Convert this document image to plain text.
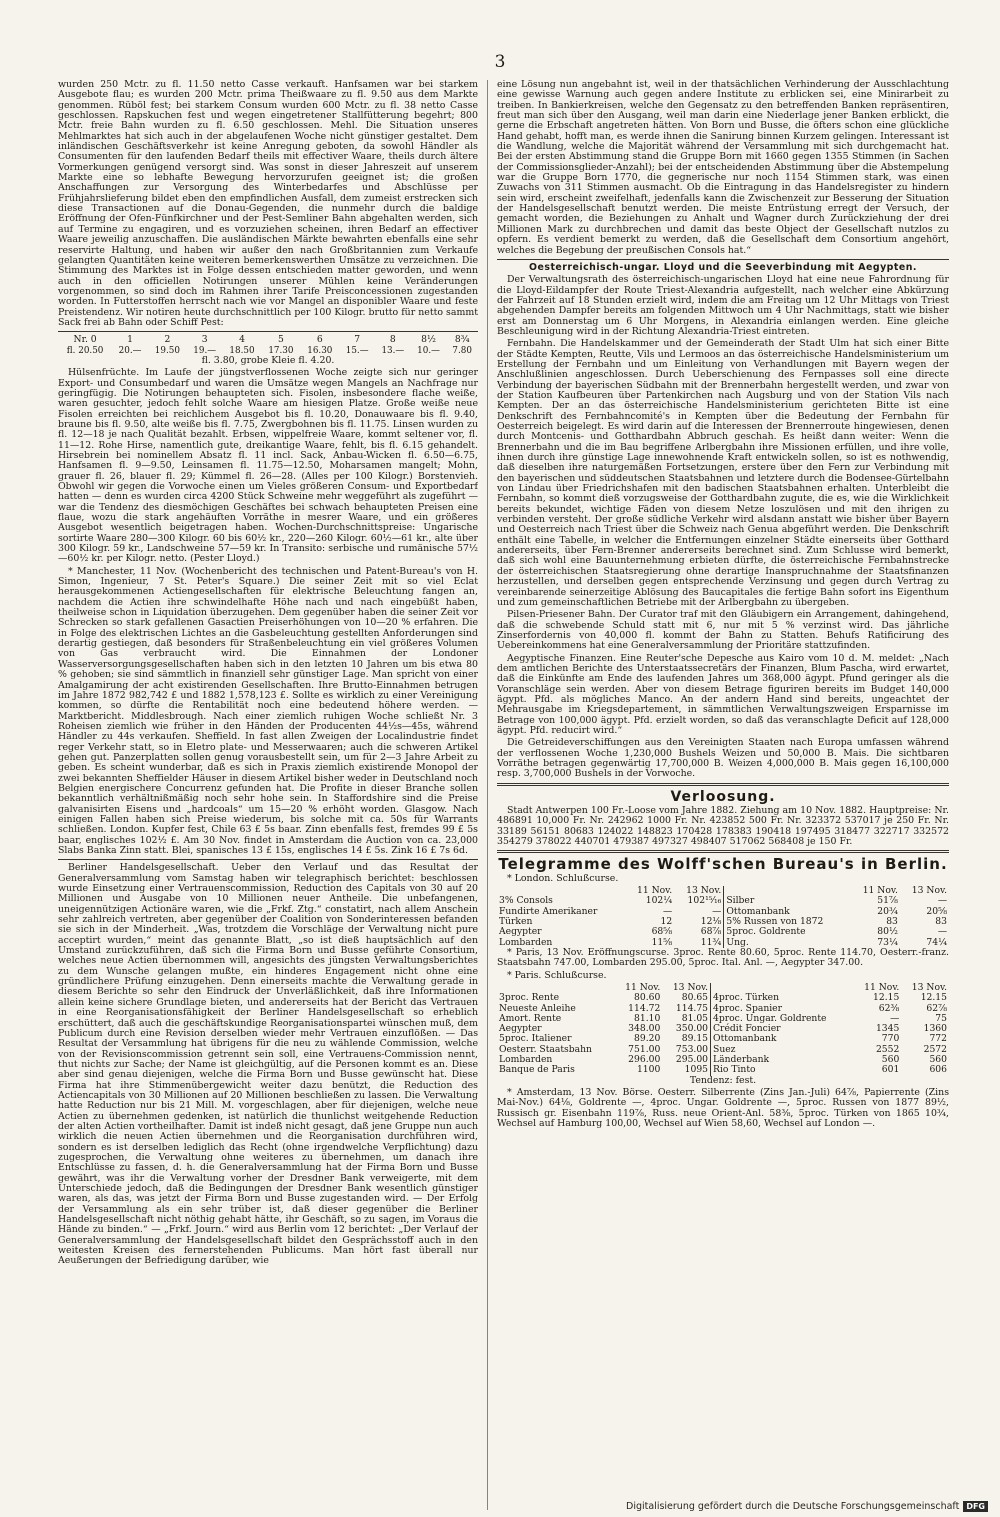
3

wurden 250 Mctr. zu fl. 11.50 netto Casse verkauft. Hanfsamen war bei starkem Ausgebote flau; es wurden 200 Mctr. prima Theißwaare zu fl. 9.50 aus dem Markte genommen. Rüböl fest; bei starkem Consum wurden 600 Mctr. zu fl. 38 netto Casse geschlossen. Rapskuchen fest und wegen eingetretener Stallfütterung begehrt; 800 Mctr. freie Bahn wurden zu fl. 6.50 geschlossen. Mehl. Die Situation unseres Mehlmarktes hat sich auch in der abgelaufenen Woche nicht günstiger gestaltet. Dem inländischen Geschäftsverkehr ist keine Anregung geboten, da sowohl Händler als Consumenten für den laufenden Bedarf theils mit effectiver Waare, theils durch ältere Vormerkungen genügend versorgt sind. Was sonst in dieser Jahreszeit auf unserem Markte eine so lebhafte Bewegung hervorzurufen geeignet ist; die großen Anschaffungen zur Versorgung des Winterbedarfes und Abschlüsse per Frühjahrslieferung bildet eben den empfindlichen Ausfall, dem zumeist erstrecken sich diese Transactionen auf die Donau-Gegenden, die nunmehr durch die baldige Eröffnung der Ofen-Fünfkirchner und der Pest-Semliner Bahn abgehalten werden, sich auf Termine zu engagiren, und es vorzuziehen scheinen, ihren Bedarf an effectiver Waare jeweilig anzuschaffen. Die ausländischen Märkte bewahrten ebenfalls eine sehr reservirte Haltung, und haben wir außer den nach Großbritannien zum Verkaufe gelangten Quantitäten keine weiteren bemerkenswerthen Umsätze zu verzeichnen. Die Stimmung des Marktes ist in Folge dessen entschieden matter geworden, und wenn auch in den officiellen Notirungen unserer Mühlen keine Veränderungen vorgenommen, so sind doch im Rahmen ihrer Tarife Preisconcessionen zugestanden worden. In Futterstoffen herrscht nach wie vor Mangel an disponibler Waare und feste Preistendenz. Wir notiren heute durchschnittlich per 100 Kilogr. brutto für netto sammt Sack frei ab Bahn oder Schiff Pest:

Nr. 0	1	2	3	4	5	6	7	8	8½	8¾
fl. 20.50	20.—	19.50	19.—	18.50	17.30	16.30	15.—	13.—	10.—	7.80

fl. 3.80, grobe Kleie fl. 4.20.

Hülsenfrüchte. Im Laufe der jüngstverflossenen Woche zeigte sich nur geringer Export- und Consumbedarf und waren die Umsätze wegen Mangels an Nachfrage nur geringfügig. Die Notirungen behaupteten sich. Fisolen, insbesondere flache weiße, waren gesuchter, jedoch fehlt solche Waare am hiesigen Platze. Große weiße neue Fisolen erreichten bei reichlichem Ausgebot bis fl. 10.20, Donauwaare bis fl. 9.40, braune bis fl. 9.50, alte weiße bis fl. 7.75, Zwergbohnen bis fl. 11.75. Linsen wurden zu fl. 12—18 je nach Qualität bezahlt. Erbsen, wippelfreie Waare, kommt seltener vor, fl. 11—12. Rohe Hirse, namentlich gute, dreikantige Waare, fehlt, bis fl. 6.15 gehandelt. Hirsebrein bei nominellem Absatz fl. 11 incl. Sack, Anbau-Wicken fl. 6.50—6.75, Hanfsamen fl. 9—9.50, Leinsamen fl. 11.75—12.50, Moharsamen mangelt; Mohn, grauer fl. 26, blauer fl. 29; Kümmel fl. 26—28. (Alles per 100 Kilogr.) Borstenvieh. Obwohl wir gegen die Vorwoche einen um Vieles größeren Consum- und Exportbedarf hatten — denn es wurden circa 4200 Stück Schweine mehr weggeführt als zugeführt — war die Tendenz des diesmöchigen Geschäftes bei schwach behaupteten Preisen eine flaue, wozu die stark angehäuften Vorräthe in mesrer Waare, und ein größeres Ausgebot wesentlich beigetragen haben. Wochen-Durchschnittspreise: Ungarische sortirte Waare 280—300 Kilogr. 60 bis 60½ kr., 220—260 Kilogr. 60½—61 kr., alte über 300 Kilogr. 59 kr., Landschweine 57—59 kr. In Transito: serbische und rumänische 57½—60½ kr. per Kilogr. netto. (Pester Lloyd.)

* Manchester, 11 Nov. (Wochenbericht des technischen und Patent-Bureau's von H. Simon, Ingenieur, 7 St. Peter's Square.) Die seiner Zeit mit so viel Eclat herausgekommenen Actiengesellschaften für elektrische Beleuchtung fangen an, nachdem die Actien ihre schwindelhafte Höhe nach und nach eingebüßt haben, theilweise schon in Liquidation überzugehen. Dem gegenüber haben die seiner Zeit vor Schrecken so stark gefallenen Gasactien Preiserhöhungen von 10—20 % erfahren. Die in Folge des elektrischen Lichtes an die Gasbeleuchtung gestellten Anforderungen sind derartig gestiegen, daß besonders für Straßenbeleuchtung ein viel größeres Volumen von Gas verbraucht wird. Die Einnahmen der Londoner Wasserversorgungsgesellschaften haben sich in den letzten 10 Jahren um bis etwa 80 % gehoben; sie sind sämmtlich in finanziell sehr günstiger Lage. Man spricht von einer Amalgamirung der acht existirenden Gesellschaften. Ihre Brutto-Einnahmen betrugen im Jahre 1872 982,742 £ und 1882 1,578,123 £. Sollte es wirklich zu einer Vereinigung kommen, so dürfte die Rentabilität noch eine bedeutend höhere werden. — Marktbericht. Middlesbrough. Nach einer ziemlich ruhigen Woche schließt Nr. 3 Roheisen ziemlich wie früher in den Händen der Producenten 44½s—45s, während Händler zu 44s verkaufen. Sheffield. In fast allen Zweigen der Localindustrie findet reger Verkehr statt, so in Eletro plate- und Messerwaaren; auch die schweren Artikel gehen gut. Panzerplatten sollen genug vorausbestellt sein, um für 2—3 Jahre Arbeit zu geben. Es scheint wunderbar, daß es sich in Praxis ziemlich existirende Monopol der zwei bekannten Sheffielder Häuser in diesem Artikel bisher weder in Deutschland noch Belgien energischere Concurrenz gefunden hat. Die Profite in dieser Branche sollen bekanntlich verhältnißmäßig noch sehr hohe sein. In Staffordshire sind die Preise galvanisirten Eisens und „hardcoals“ um 15—20 % erhöht worden. Glasgow. Nach einigen Fallen haben sich Preise wiederum, bis solche mit ca. 50s für Warrants schließen. London. Kupfer fest, Chile 63 £ 5s baar. Zinn ebenfalls fest, fremdes 99 £ 5s baar, englisches 102½ £. Am 30 Nov. findet in Amsterdam die Auction von ca. 23,000 Slabs Banka Zinn statt. Blei, spanisches 13 £ 15s, englisches 14 £ 5s. Zink 16 £ 7s 6d.

Berliner Handelsgesellschaft. Ueber den Verlauf und das Resultat der Generalversammlung vom Samstag haben wir telegraphisch berichtet: beschlossen wurde Einsetzung einer Vertrauenscommission, Reduction des Capitals von 30 auf 20 Millionen und Ausgabe von 10 Millionen neuer Antheile. Die unbefangenen, uneigennützigen Actionäre waren, wie die „Frkf. Ztg.“ constatirt, nach allem Anschein sehr zahlreich vertreten, aber gegenüber der Coalition von Sonderinteressen befanden sie sich in der Minderheit. „Was, trotzdem die Vorschläge der Verwaltung nicht pure acceptirt wurden,“ meint das genannte Blatt, „so ist dieß hauptsächlich auf den Umstand zurückzuführen, daß sich die Firma Born und Busse geführte Consortium, welches neue Actien übernommen will, angesichts des jüngsten Verwaltungsberichtes zu dem Wunsche gelangen mußte, ein hinderes Engagement nicht ohne eine gründlichere Prüfung einzugehen. Denn einerseits machte die Verwaltung gerade in diesem Berichte so sehr den Eindruck der Unverläßlichkeit, daß ihre Informationen allein keine sichere Grundlage bieten, und andererseits hat der Bericht das Vertrauen in eine Reorganisationsfähigkeit der Berliner Handelsgesellschaft so erheblich erschüttert, daß auch die geschäftskundige Reorganisationspartei wünschen muß, dem Publicum durch eine Revision derselben wieder mehr Vertrauen einzuflößen. — Das Resultat der Versammlung hat übrigens für die neu zu wählende Commission, welche von der Revisionscommission getrennt sein soll, eine Vertrauens-Commission nennt, thut nichts zur Sache; der Name ist gleichgültig, auf die Personen kommt es an. Diese aber sind genau diejenigen, welche die Firma Born und Busse gewünscht hat. Diese Firma hat ihre Stimmenübergewicht weiter dazu benützt, die Reduction des Actiencapitals von 30 Millionen auf 20 Millionen beschließen zu lassen. Die Verwaltung hatte Reduction nur bis 21 Mill. M. vorgeschlagen, aber für diejenigen, welche neue Actien zu übernehmen gedenken, ist natürlich die thunlichst weitgehende Reduction der alten Actien vortheilhafter. Damit ist indeß nicht gesagt, daß jene Gruppe nun auch wirklich die neuen Actien übernehmen und die Reorganisation durchführen wird, sondern es ist derselben lediglich das Recht (ohne irgendwelche Verpflichtung) dazu zugesprochen, die Verwaltung ohne weiteres zu übernehmen, um danach ihre Entschlüsse zu fassen, d. h. die Generalversammlung hat der Firma Born und Busse gewährt, was ihr die Verwaltung vorher der Dresdner Bank verweigerte, mit dem Unterschiede jedoch, daß die Bedingungen der Dresdner Bank wesentlich günstiger waren, als das, was jetzt der Firma Born und Busse zugestanden wird. — Der Erfolg der Versammlung als ein sehr trüber ist, daß dieser gegenüber die Berliner Handelsgesellschaft nicht nöthig gehabt hätte, ihr Geschäft, so zu sagen, im Voraus die Hände zu binden.“ — „Frkf. Journ.“ wird aus Berlin vom 12 berichtet: „Der Verlauf der Generalversammlung der Handelsgesellschaft bildet den Gesprächsstoff auch in den weitesten Kreisen des fernerstehenden Publicums. Man hört fast überall nur Aeußerungen der Befriedigung darüber, wie

eine Lösung nun angebahnt ist, weil in der thatsächlichen Verhinderung der Ausschlachtung eine gewisse Warnung auch gegen andere Institute zu erblicken sei, eine Minirarbeit zu treiben. In Bankierkreisen, welche den Gegensatz zu den betreffenden Banken repräsentiren, freut man sich über den Ausgang, weil man darin eine Niederlage jener Banken erblickt, die gerne die Erbschaft angetreten hätten. Von Born und Busse, die öfters schon eine glückliche Hand gehabt, hofft man, es werde ihnen die Sanirung binnen Kurzem gelingen. Interessant ist die Wandlung, welche die Majorität während der Versammlung mit sich durchgemacht hat. Bei der ersten Abstimmung stand die Gruppe Born mit 1660 gegen 1355 Stimmen (in Sachen der Commissionsglieder-Anzahl); bei der entscheidenden Abstimmung über die Abstempelung war die Gruppe Born 1770, die gegnerische nur noch 1154 Stimmen stark, was einen Zuwachs von 311 Stimmen ausmacht. Ob die Eintragung in das Handelsregister zu hindern sein wird, erscheint zweifelhaft, jedenfalls kann die Zwischenzeit zur Besserung der Situation der Handelsgesellschaft benutzt werden. Die meiste Entrüstung erregt der Versuch, der gemacht worden, die Beziehungen zu Anhalt und Wagner durch Zurückziehung der drei Millionen Mark zu durchbrechen und damit das beste Object der Gesellschaft nutzlos zu opfern. Es verdient bemerkt zu werden, daß die Gesellschaft dem Consortium angehört, welches die Begebung der preußischen Consols hat.“

Oesterreichisch-ungar. Lloyd und die Seeverbindung mit Aegypten.

Der Verwaltungsrath des österreichisch-ungarischen Lloyd hat eine neue Fahrordnung für die Lloyd-Eildampfer der Route Triest-Alexandria aufgestellt, nach welcher eine Abkürzung der Fahrzeit auf 18 Stunden erzielt wird, indem die am Freitag um 12 Uhr Mittags von Triest abgehenden Dampfer bereits am folgenden Mittwoch um 4 Uhr Nachmittags, statt wie bisher erst am Donnerstag um 6 Uhr Morgens, in Alexandria einlangen werden. Eine gleiche Beschleunigung wird in der Richtung Alexandria-Triest eintreten.

Fernbahn. Die Handelskammer und der Gemeinderath der Stadt Ulm hat sich einer Bitte der Städte Kempten, Reutte, Vils und Lermoos an das österreichische Handelsministerium um Erstellung der Fernbahn und um Einleitung von Verhandlungen mit Bayern wegen der Anschlußlinien angeschlossen. Durch Ueberschienung des Fernpasses soll eine directe Verbindung der bayerischen Südbahn mit der Brennerbahn hergestellt werden, und zwar von der Station Kaufbeuren über Partenkirchen nach Augsburg und von der Station Vils nach Kempten. Der an das österreichische Handelsministerium gerichteten Bitte ist eine Denkschrift des Fernbahncomité's in Kempten über die Bedeutung der Fernbahn für Oesterreich beigelegt. Es wird darin auf die Interessen der Brennerroute hingewiesen, denen durch Montcenis- und Gotthardbahn Abbruch geschah. Es heißt dann weiter: Wenn die Brennerbahn und die im Bau begriffene Arlbergbahn ihre Missionen erfüllen, und ihre volle, ihnen durch ihre günstige Lage innewohnende Kraft entwickeln sollen, so ist es nothwendig, daß dieselben ihre naturgemäßen Fortsetzungen, erstere über den Fern zur Verbindung mit den bayerischen und süddeutschen Staatsbahnen und letztere durch die Bodensee-Gürtelbahn von Lindau über Friedrichshafen mit den badischen Staatsbahnen erhalten. Unterbleibt die Fernbahn, so kommt dieß vorzugsweise der Gotthardbahn zugute, die es, wie die Wirklichkeit bereits bekundet, wichtige Fäden von diesem Netze loszulösen und mit den ihrigen zu verbinden versteht. Der große südliche Verkehr wird alsdann anstatt wie bisher über Bayern und Oesterreich nach Triest über die Schweiz nach Genua abgeführt werden. Die Denkschrift enthält eine Tabelle, in welcher die Entfernungen einzelner Städte einerseits über Gotthard andererseits, über Fern-Brenner andererseits berechnet sind. Zum Schlusse wird bemerkt, daß sich wohl eine Bauunternehmung erbieten dürfte, die österreichische Fernbahnstrecke der österreichischen Staatsregierung ohne derartige Inanspruchnahme der Staatsfinanzen herzustellen, und derselben gegen entsprechende Verzinsung und gegen durch Vertrag zu vereinbarende seinerzeitige Ablösung des Baucapitales die fertige Bahn sofort ins Eigenthum und zum gemeinschaftlichen Betriebe mit der Arlbergbahn zu übergeben.

Pilsen-Priesener Bahn. Der Curator traf mit den Gläubigern ein Arrangement, dahingehend, daß die schwebende Schuld statt mit 6, nur mit 5 % verzinst wird. Das jährliche Zinserfordernis von 40,000 fl. kommt der Bahn zu Statten. Behufs Ratificirung des Uebereinkommens hat eine Generalversammlung der Prioritäre stattzufinden.

Aegyptische Finanzen. Eine Reuter'sche Depesche aus Kairo vom 10 d. M. meldet: „Nach dem amtlichen Berichte des Unterstaatssecretärs der Finanzen, Blum Pascha, wird erwartet, daß die Einkünfte am Ende des laufenden Jahres um 368,000 ägypt. Pfund geringer als die Voranschläge sein werden. Aber von diesem Betrage figuriren bereits im Budget 140,000 ägypt. Pfd. als mögliches Manco. An der andern Hand sind bereits, ungeachtet der Mehrausgabe im Kriegsdepartement, in sämmtlichen Verwaltungszweigen Ersparnisse im Betrage von 100,000 ägypt. Pfd. erzielt worden, so daß das veranschlagte Deficit auf 128,000 ägypt. Pfd. reducirt wird.“

Die Getreideverschiffungen aus den Vereinigten Staaten nach Europa umfassen während der verflossenen Woche 1,230,000 Bushels Weizen und 50,000 B. Mais. Die sichtbaren Vorräthe betragen gegenwärtig 17,700,000 B. Weizen 4,000,000 B. Mais gegen 16,100,000 resp. 3,700,000 Bushels in der Vorwoche.

Verloosung.

Stadt Antwerpen 100 Fr.-Loose vom Jahre 1882. Ziehung am 10 Nov. 1882. Hauptpreise: Nr. 486891 10,000 Fr. Nr. 242962 1000 Fr. Nr. 423852 500 Fr. Nr. 323372 537017 je 250 Fr. Nr. 33189 56151 80683 124022 148823 170428 178383 190418 197495 318477 322717 332572 354279 378022 440701 479387 497327 498407 517062 568408 je 150 Fr.

Telegramme des Wolff'schen Bureau's in Berlin.

* London. Schlußcurse.

	11 Nov.	13 Nov.		11 Nov.	13 Nov.
3% Consols	102¼	102¹⁵⁄₁₆	Silber	51⅞	—
Fundirte Amerikaner	—	—	Ottomanbank	20¾	20⅝
Türken	12	12⅛	5% Russen von 1872	83	83
Aegypter	68⅝	68⅞	5proc. Goldrente	80½	—
Lombarden	11⅝	11¾	Ung.	73¼	74¼

* Paris, 13 Nov. Eröffnungscurse. 3proc. Rente 80.60, 5proc. Rente 114.70, Oesterr.-franz. Staatsbahn 747.00, Lombarden 295.00, 5proc. Ital. Anl. —, Aegypter 347.00.

* Paris. Schlußcurse.

	11 Nov.	13 Nov.		11 Nov.	13 Nov.
3proc. Rente	80.60	80.65	4proc. Türken	12.15	12.15
Neueste Anleihe	114.72	114.75	4proc. Spanier	62⅜	62⅞
Amort. Rente	81.10	81.05	4proc. Ungar. Goldrente	—	75
Aegypter	348.00	350.00	Crédit Foncier	1345	1360
5proc. Italiener	89.20	89.15	Ottomanbank	770	772
Oesterr. Staatsbahn	751.00	753.00	Suez	2552	2572
Lombarden	296.00	295.00	Länderbank	560	560
Banque de Paris	1100	1095	Rio Tinto	601	606

Tendenz: fest.

* Amsterdam, 13 Nov. Börse. Oesterr. Silberrente (Zins Jan.-Juli) 64⅞, Papierrente (Zins Mai-Nov.) 64⅛, Goldrente —, 4proc. Ungar. Goldrente —, 5proc. Russen von 1877 89½, Russisch gr. Eisenbahn 119⅞, Russ. neue Orient-Anl. 58⅜, 5proc. Türken von 1865 10¾, Wechsel auf Hamburg 100,00, Wechsel auf Wien 58,60, Wechsel auf London —.

Digitalisierung gefördert durch die Deutsche Forschungsgemeinschaft DFG
